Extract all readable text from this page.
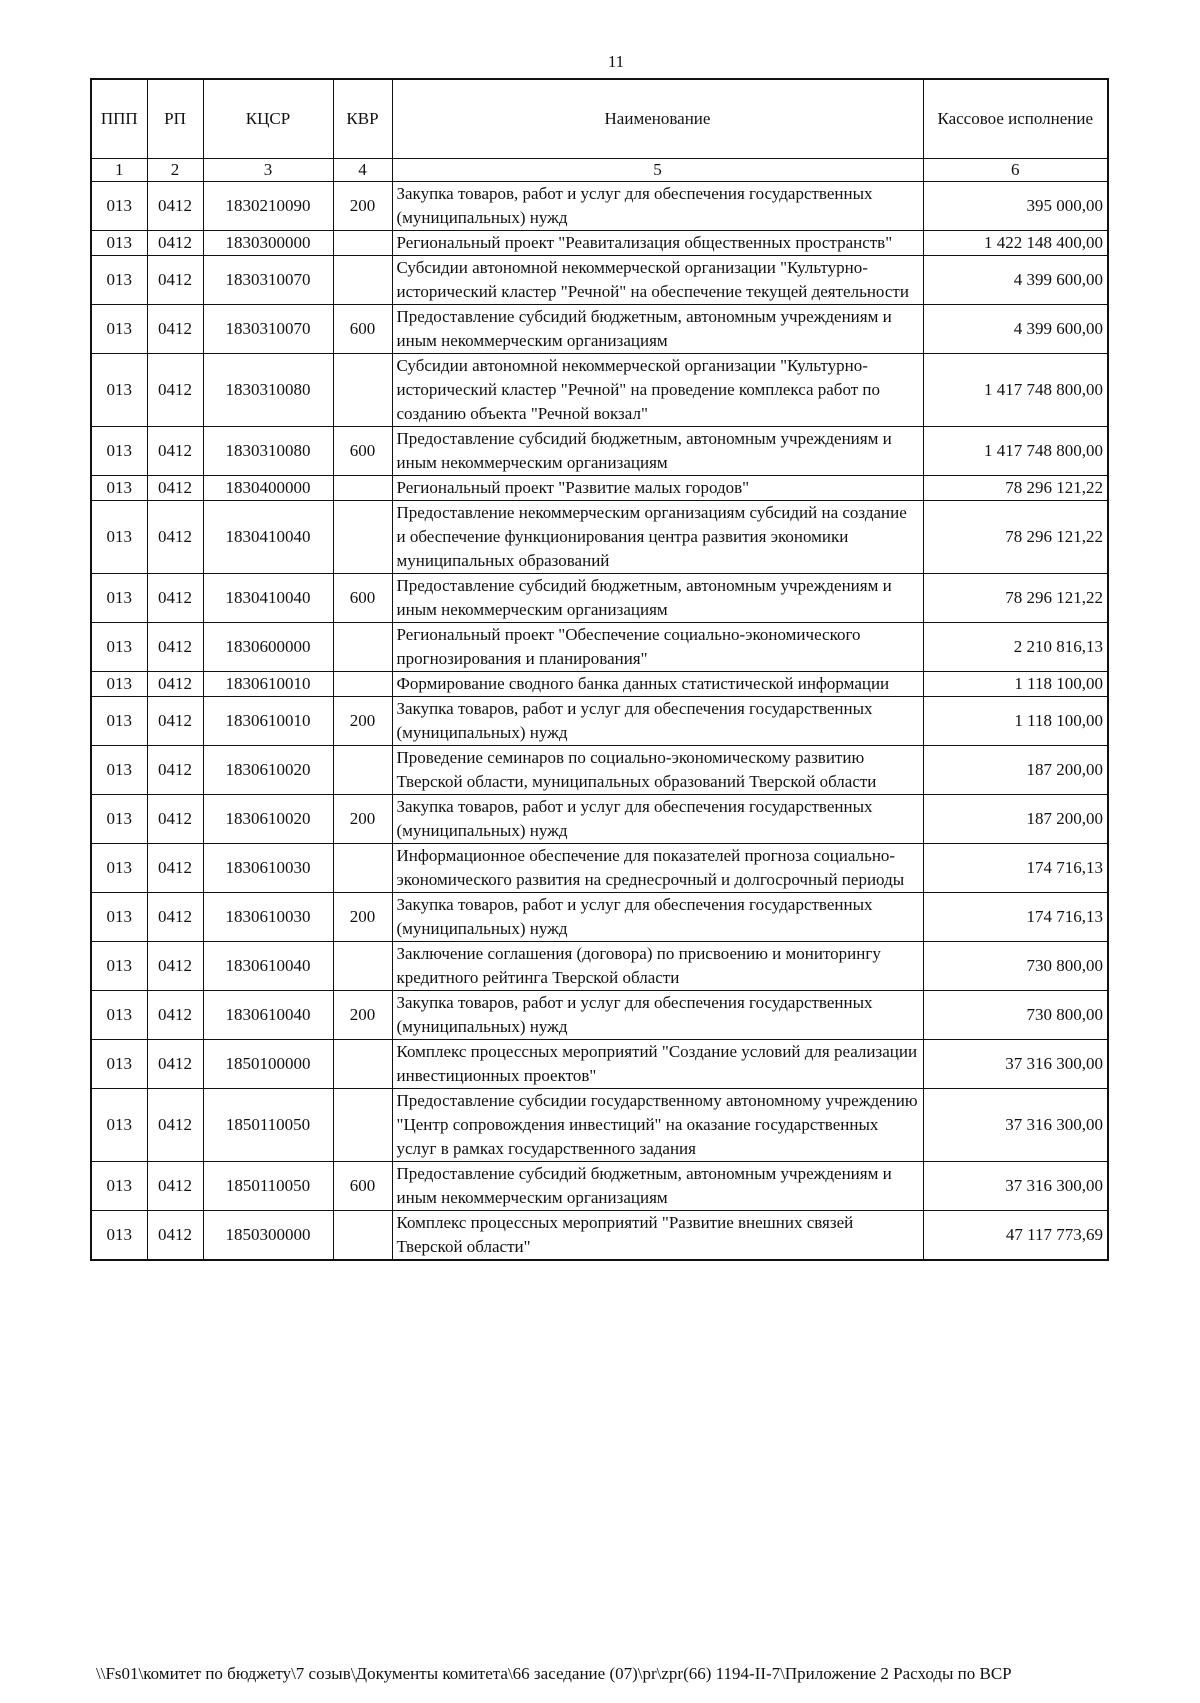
11
ППП	РП	КЦСР	КВР	Наименование	Кассовое исполнение
1	2	3	4	5	6
013	0412	1830210090	200	Закупка товаров, работ и услуг для обеспечения государственных (муниципальных) нужд	395 000,00
013	0412	1830300000		Региональный проект "Реавитализация общественных пространств"	1 422 148 400,00
013	0412	1830310070		Субсидии автономной некоммерческой организации "Культурно-исторический кластер "Речной" на обеспечение текущей деятельности	4 399 600,00
013	0412	1830310070	600	Предоставление субсидий бюджетным, автономным учреждениям и иным некоммерческим организациям	4 399 600,00
013	0412	1830310080		Субсидии автономной некоммерческой организации "Культурно-исторический кластер "Речной" на проведение комплекса работ по созданию объекта "Речной вокзал"	1 417 748 800,00
013	0412	1830310080	600	Предоставление субсидий бюджетным, автономным учреждениям и иным некоммерческим организациям	1 417 748 800,00
013	0412	1830400000		Региональный проект "Развитие малых городов"	78 296 121,22
013	0412	1830410040		Предоставление некоммерческим организациям субсидий на создание и обеспечение функционирования центра развития экономики муниципальных образований	78 296 121,22
013	0412	1830410040	600	Предоставление субсидий бюджетным, автономным учреждениям и иным некоммерческим организациям	78 296 121,22
013	0412	1830600000		Региональный проект "Обеспечение социально-экономического прогнозирования и планирования"	2 210 816,13
013	0412	1830610010		Формирование сводного банка данных статистической информации	1 118 100,00
013	0412	1830610010	200	Закупка товаров, работ и услуг для обеспечения государственных (муниципальных) нужд	1 118 100,00
013	0412	1830610020		Проведение семинаров по социально-экономическому развитию Тверской области, муниципальных образований Тверской области	187 200,00
013	0412	1830610020	200	Закупка товаров, работ и услуг для обеспечения государственных (муниципальных) нужд	187 200,00
013	0412	1830610030		Информационное обеспечение для показателей прогноза социально-экономического развития на среднесрочный и долгосрочный периоды	174 716,13
013	0412	1830610030	200	Закупка товаров, работ и услуг для обеспечения государственных (муниципальных) нужд	174 716,13
013	0412	1830610040		Заключение соглашения (договора) по присвоению и мониторингу кредитного рейтинга Тверской области	730 800,00
013	0412	1830610040	200	Закупка товаров, работ и услуг для обеспечения государственных (муниципальных) нужд	730 800,00
013	0412	1850100000		Комплекс процессных мероприятий "Создание условий для реализации инвестиционных проектов"	37 316 300,00
013	0412	1850110050		Предоставление субсидии государственному автономному учреждению "Центр сопровождения инвестиций" на оказание государственных услуг в рамках государственного задания	37 316 300,00
013	0412	1850110050	600	Предоставление субсидий бюджетным, автономным учреждениям и иным некоммерческим организациям	37 316 300,00
013	0412	1850300000		Комплекс процессных мероприятий "Развитие внешних связей Тверской области"	47 117 773,69
\\Fs01\комитет по бюджету\7 созыв\Документы комитета\66 заседание (07)\pr\zpr(66) 1194-II-7\Приложение 2 Расходы по ВСР
